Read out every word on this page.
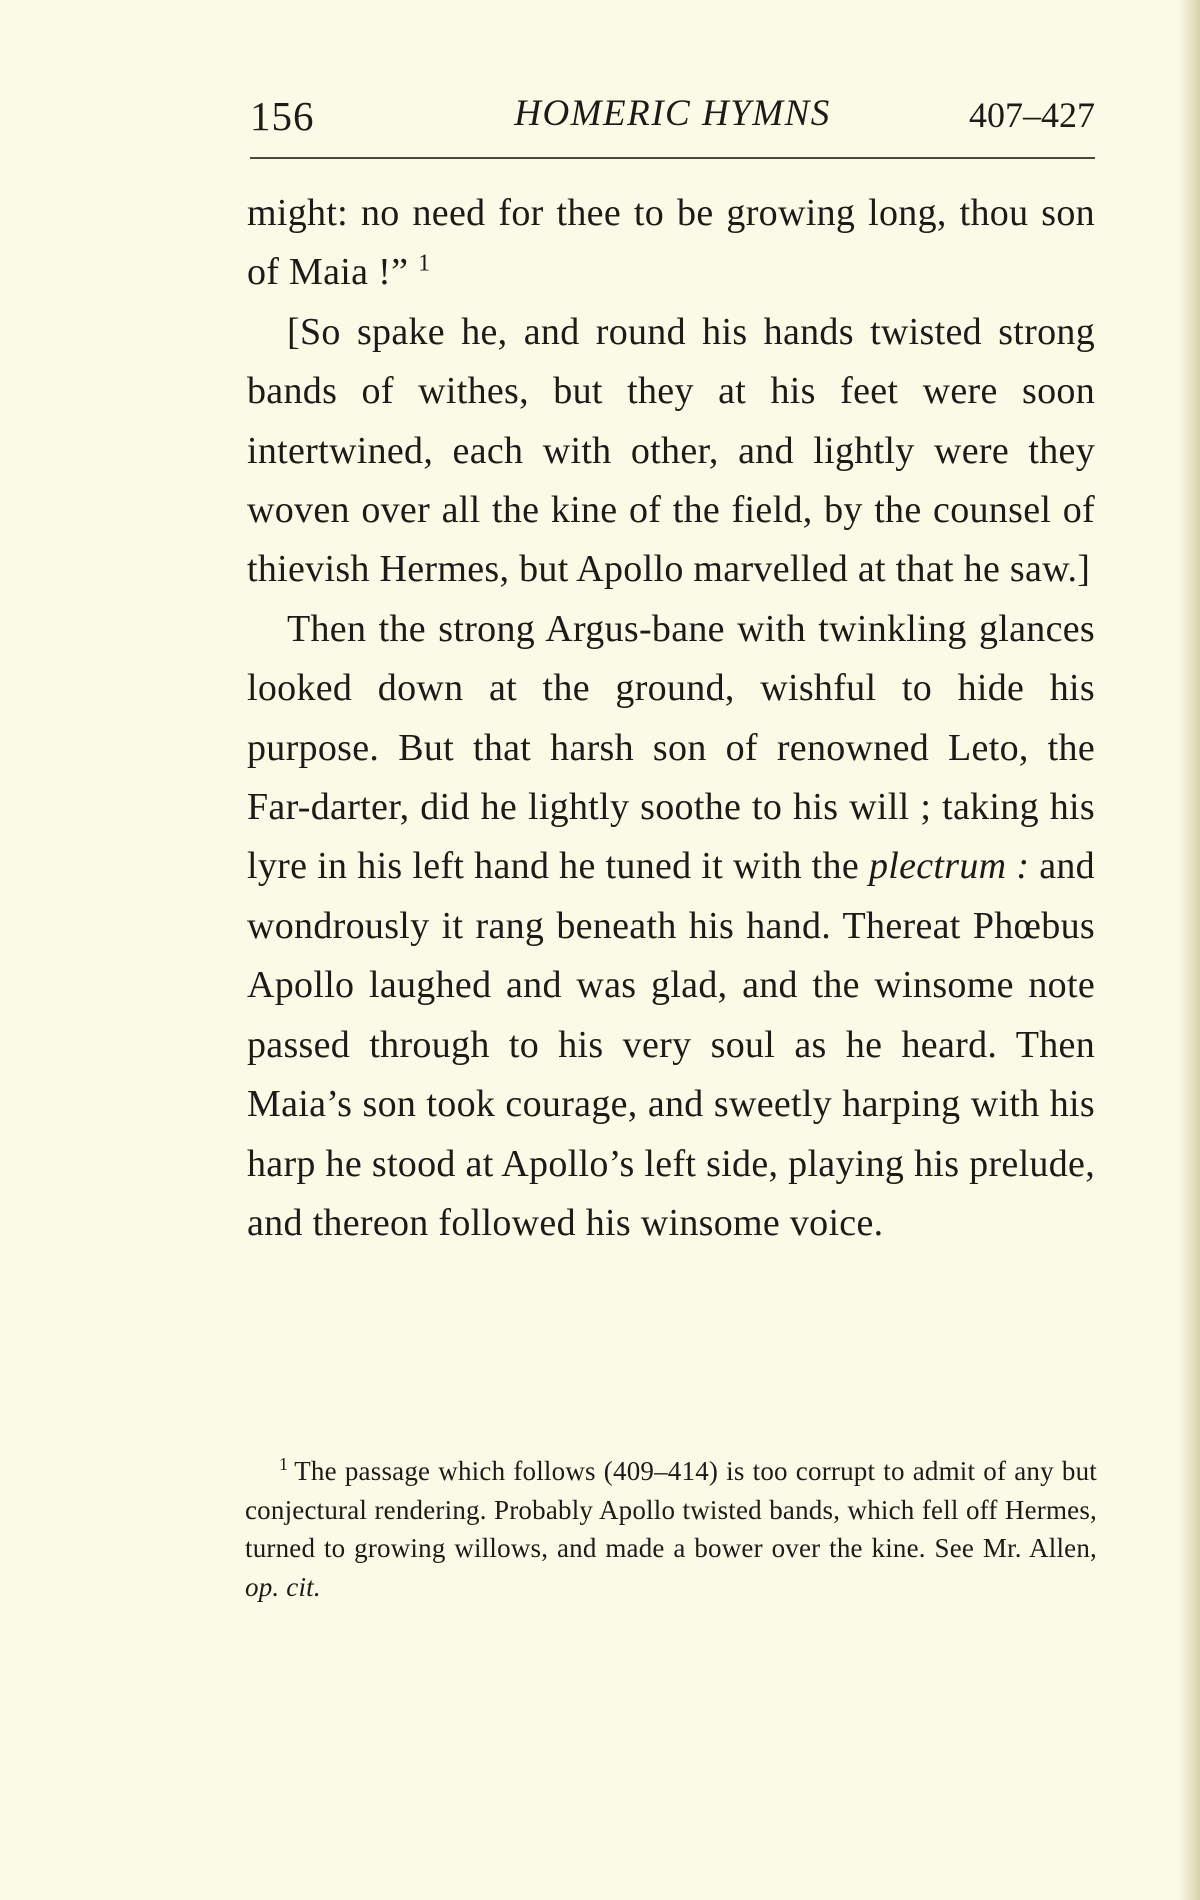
156	HOMERIC HYMNS	407–427

might: no need for thee to be growing long, thou son of Maia !” $^1$

[So spake he, and round his hands twisted strong bands of withes, but they at his feet were soon intertwined, each with other, and lightly were they woven over all the kine of the field, by the counsel of thievish Hermes, but Apollo marvelled at that he saw.]

Then the strong Argus-bane with twinkling glances looked down at the ground, wishful to hide his purpose. But that harsh son of renowned Leto, the Far-darter, did he lightly soothe to his will ; taking his lyre in his left hand he tuned it with the plectrum : and wondrously it rang beneath his hand. Thereat Phœbus Apollo laughed and was glad, and the winsome note passed through to his very soul as he heard. Then Maia’s son took courage, and sweetly harping with his harp he stood at Apollo’s left side, playing his prelude, and thereon followed his winsome voice.

$^1$ The passage which follows (409–414) is too corrupt to admit of any but conjectural rendering. Probably Apollo twisted bands, which fell off Hermes, turned to growing willows, and made a bower over the kine. See Mr. Allen, op. cit.
